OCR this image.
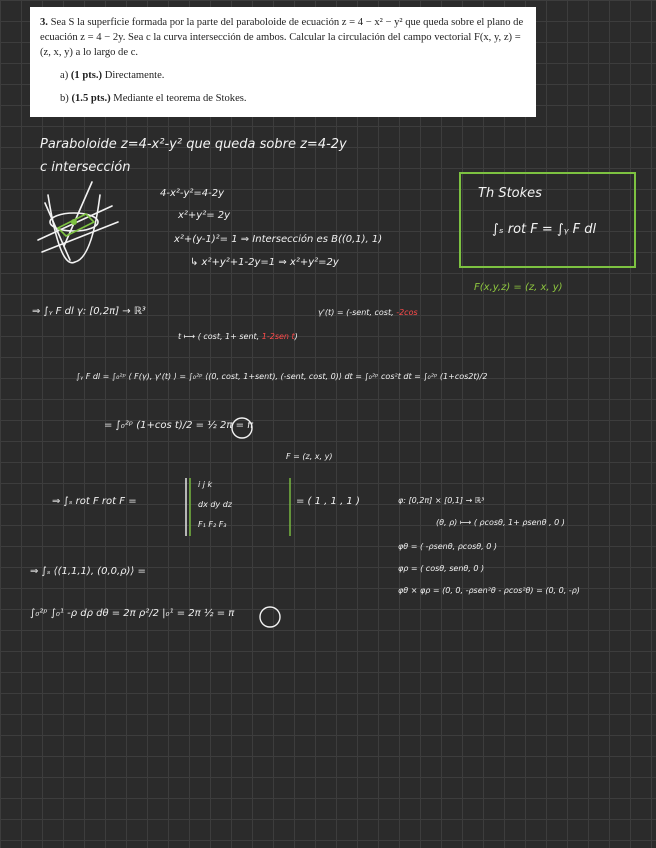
3. Sea S la superficie formada por la parte del paraboloide de ecuación z = 4 − x² − y² que queda sobre el plano de ecuación z = 4 − 2y. Sea c la curva intersección de ambos. Calcular la circulación del campo vectorial F(x, y, z) = (z, x, y) a lo largo de c.
a) (1 pts.) Directamente.
b) (1.5 pts.) Mediante el teorema de Stokes.
Paraboloide z=4-x²-y² que queda sobre z=4-2y
c intersección
4-x²-y²=4-2y
x²+y²= 2y
x²+(y-1)²= 1 ⇒ Intersección es B((0,1), 1)
↳ x²+y²+1-2y=1 ⇒ x²+y²=2y
Th Stokes
∫ₛ rot F = ∫ᵧ F dl
F(x,y,z) = (z, x, y)
⇒ ∫ᵧ F dl γ: [0,2π] → ℝ³	γ'(t) = (-sent, cost, -2cos
t ⟼ ( cost, 1+ sent, 1-2sen t)
∫ᵧ F dl = ∫₀²ᵖ ⟨ F(γ), γ'(t) ⟩ = ∫₀²ᵖ ⟨(0, cost, 1+sent), (-sent, cost, 0)⟩ dt = ∫₀²ᵖ cos²t dt = ∫₀²ᵖ (1+cos2t)/2
= ∫₀²ᵖ (1+cos t)/2 = ½ 2π = π
F = (z, x, y)
⇒ ∫ₛ rot F rot F =
i j k
dx dy dz
F₁ F₂ F₃
= ( 1 , 1 , 1 )	φ: [0,2π] × [0,1] → ℝ³
(θ, ρ) ⟼ ( ρcosθ, 1+ ρsenθ , 0 )
φθ = ( -ρsenθ, ρcosθ, 0 )
φρ = ( cosθ, senθ, 0 )
φθ × φρ = (0, 0, -ρsen²θ - ρcos²θ) = (0, 0, -ρ)
⇒ ∫ₛ ⟨(1,1,1), (0,0,ρ)⟩ =
∫₀²ᵖ ∫₀¹ -ρ dρ dθ = 2π ρ²/2 |₀¹ = 2π ½ = π
